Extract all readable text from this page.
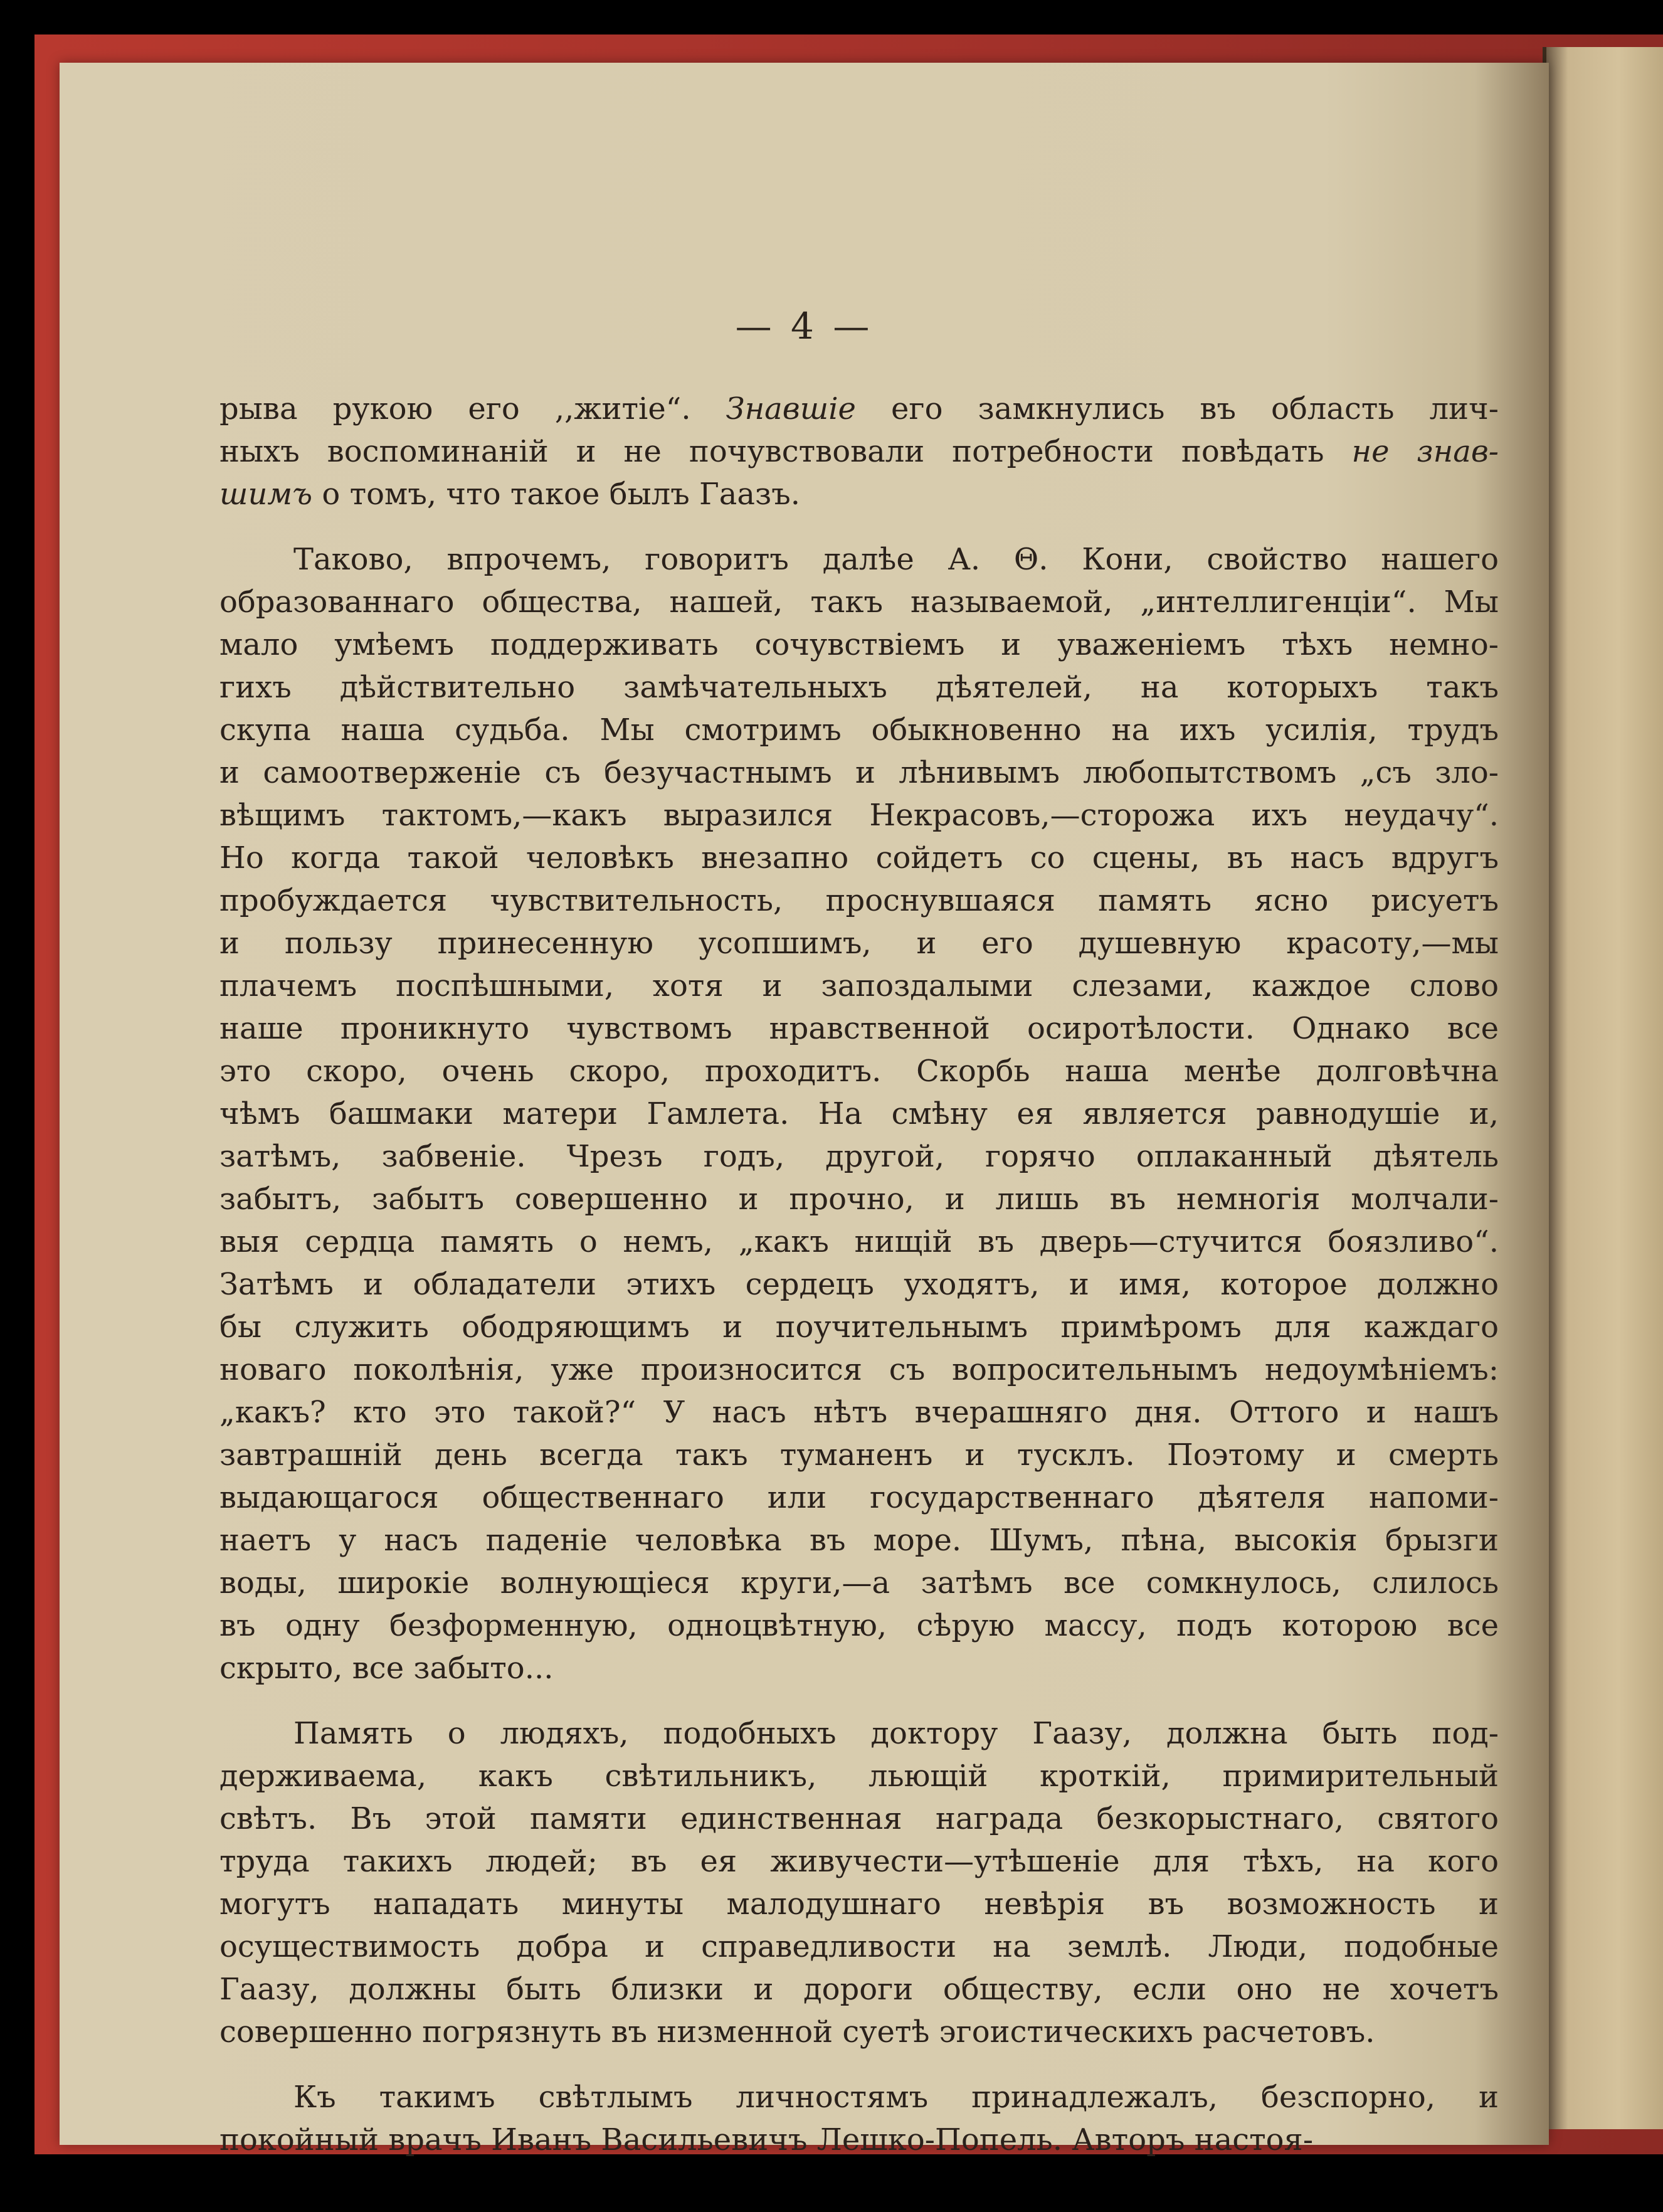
— 4 —
рыва рукою его ,,житіе“. Знавшіе его замкнулись въ область лич-
ныхъ воспоминаній и не почувствовали потребности повѣдать не знав-
шимъ о томъ, что такое былъ Гаазъ.
Таково, впрочемъ, говоритъ далѣе А. Θ. Кони, свойство нашего
образованнаго общества, нашей, такъ называемой, „интеллигенціи“. Мы
мало умѣемъ поддерживать сочувствіемъ и уваженіемъ тѣхъ немно-
гихъ дѣйствительно замѣчательныхъ дѣятелей, на которыхъ такъ
скупа наша судьба. Мы смотримъ обыкновенно на ихъ усилія, трудъ
и самоотверженіе съ безучастнымъ и лѣнивымъ любопытствомъ „съ зло-
вѣщимъ тактомъ,—какъ выразился Некрасовъ,—сторожа ихъ неудачу“.
Но когда такой человѣкъ внезапно сойдетъ со сцены, въ насъ вдругъ
пробуждается чувствительность, проснувшаяся память ясно рисуетъ
и пользу принесенную усопшимъ, и его душевную красоту,—мы
плачемъ поспѣшными, хотя и запоздалыми слезами, каждое слово
наше проникнуто чувствомъ нравственной осиротѣлости. Однако все
это скоро, очень скоро, проходитъ. Скорбь наша менѣе долговѣчна
чѣмъ башмаки матери Гамлета. На смѣну ея является равнодушіе и,
затѣмъ, забвеніе. Чрезъ годъ, другой, горячо оплаканный дѣятель
забытъ, забытъ совершенно и прочно, и лишь въ немногія молчали-
выя сердца память о немъ, „какъ нищій въ дверь—стучится боязливо“.
Затѣмъ и обладатели этихъ сердецъ уходятъ, и имя, которое должно
бы служить ободряющимъ и поучительнымъ примѣромъ для каждаго
новаго поколѣнія, уже произносится съ вопросительнымъ недоумѣніемъ:
„какъ? кто это такой?“ У насъ нѣтъ вчерашняго дня. Оттого и нашъ
завтрашній день всегда такъ туманенъ и тусклъ. Поэтому и смерть
выдающагося общественнаго или государственнаго дѣятеля напоми-
наетъ у насъ паденіе человѣка въ море. Шумъ, пѣна, высокія брызги
воды, широкіе волнующіеся круги,—а затѣмъ все сомкнулось, слилось
въ одну безформенную, одноцвѣтную, сѣрую массу, подъ которою все
скрыто, все забыто...
Память о людяхъ, подобныхъ доктору Гаазу, должна быть под-
держиваема, какъ свѣтильникъ, льющій кроткій, примирительный
свѣтъ. Въ этой памяти единственная награда безкорыстнаго, святого
труда такихъ людей; въ ея живучести—утѣшеніе для тѣхъ, на кого
могутъ нападать минуты малодушнаго невѣрія въ возможность и
осуществимость добра и справедливости на землѣ. Люди, подобные
Гаазу, должны быть близки и дороги обществу, если оно не хочетъ
совершенно погрязнуть въ низменной суетѣ эгоистическихъ расчетовъ.
Къ такимъ свѣтлымъ личностямъ принадлежалъ, безспорно, и
покойный врачъ Иванъ Васильевичъ Лешко-Попель. Авторъ настоя-
